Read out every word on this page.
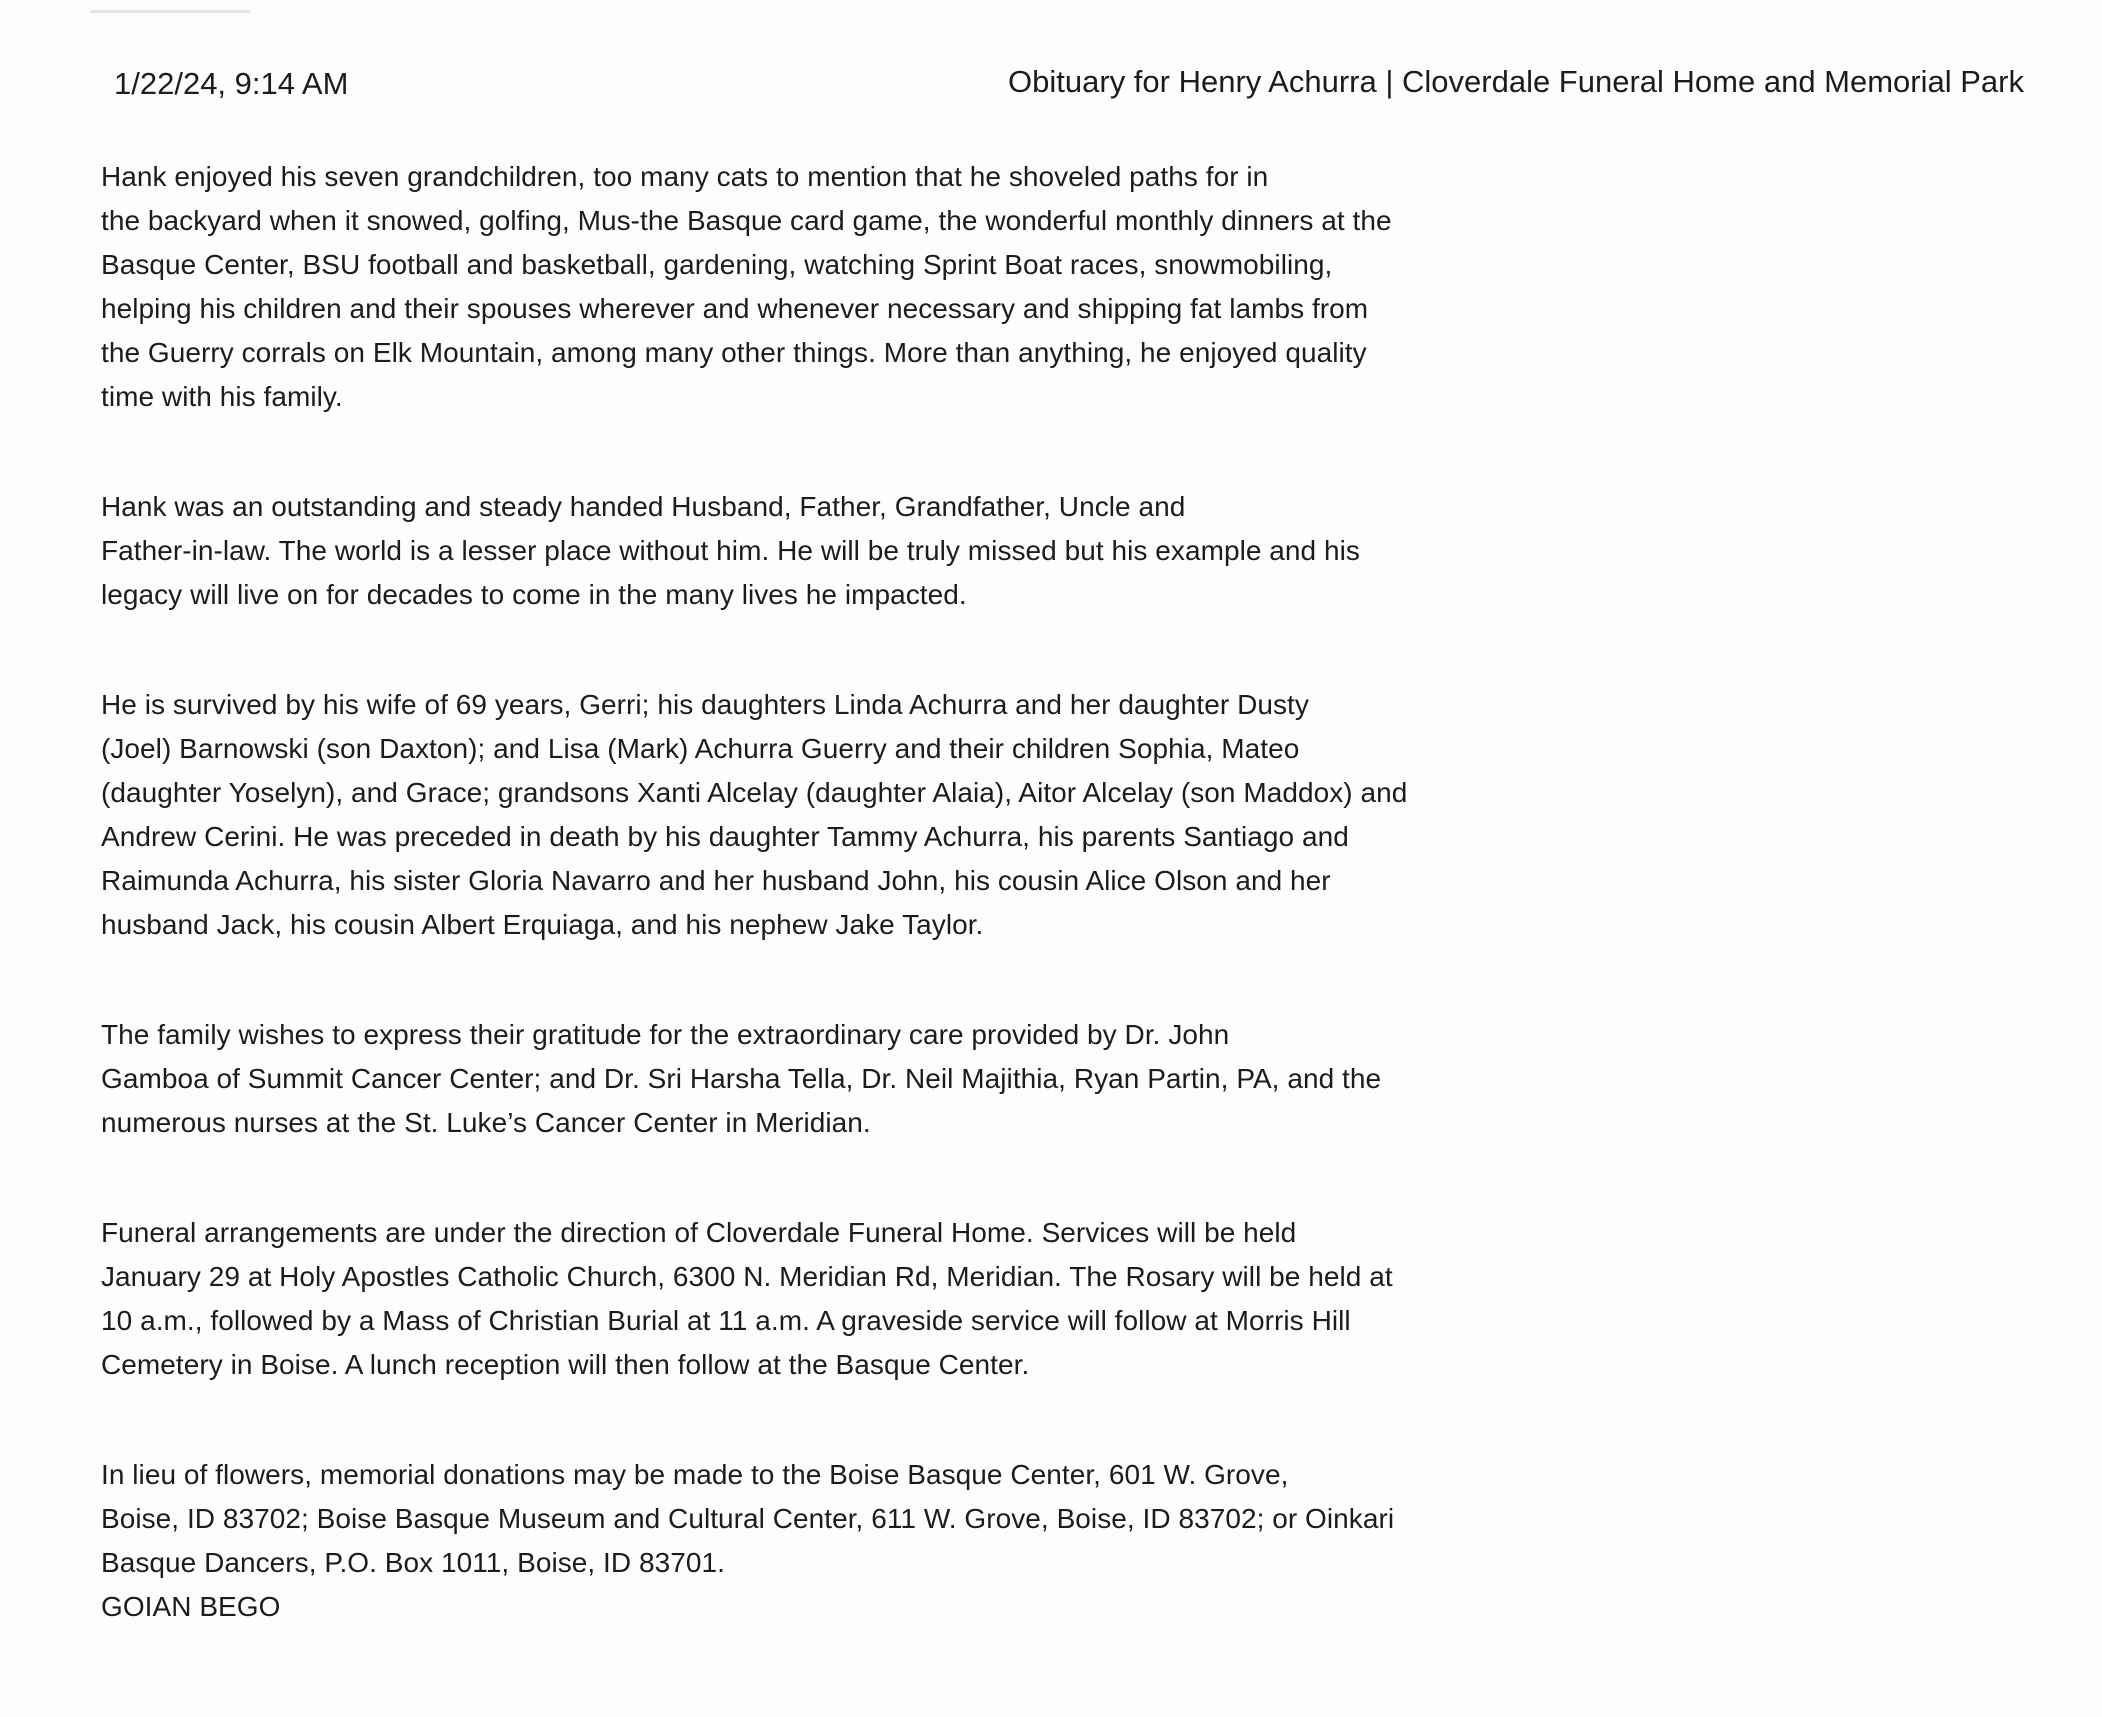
1/22/24, 9:14 AM	Obituary for Henry Achurra | Cloverdale Funeral Home and Memorial Park

Hank enjoyed his seven grandchildren, too many cats to mention that he shoveled paths for in
the backyard when it snowed, golfing, Mus-the Basque card game, the wonderful monthly dinners at the
Basque Center, BSU football and basketball, gardening, watching Sprint Boat races, snowmobiling,
helping his children and their spouses wherever and whenever necessary and shipping fat lambs from
the Guerry corrals on Elk Mountain, among many other things. More than anything, he enjoyed quality
time with his family.

Hank was an outstanding and steady handed Husband, Father, Grandfather, Uncle and
Father-in-law. The world is a lesser place without him. He will be truly missed but his example and his
legacy will live on for decades to come in the many lives he impacted.

He is survived by his wife of 69 years, Gerri; his daughters Linda Achurra and her daughter Dusty
(Joel) Barnowski (son Daxton); and Lisa (Mark) Achurra Guerry and their children Sophia, Mateo
(daughter Yoselyn), and Grace; grandsons Xanti Alcelay (daughter Alaia), Aitor Alcelay (son Maddox) and
Andrew Cerini. He was preceded in death by his daughter Tammy Achurra, his parents Santiago and
Raimunda Achurra, his sister Gloria Navarro and her husband John, his cousin Alice Olson and her
husband Jack, his cousin Albert Erquiaga, and his nephew Jake Taylor.

The family wishes to express their gratitude for the extraordinary care provided by Dr. John
Gamboa of Summit Cancer Center; and Dr. Sri Harsha Tella, Dr. Neil Majithia, Ryan Partin, PA, and the
numerous nurses at the St. Luke’s Cancer Center in Meridian.

Funeral arrangements are under the direction of Cloverdale Funeral Home. Services will be held
January 29 at Holy Apostles Catholic Church, 6300 N. Meridian Rd, Meridian. The Rosary will be held at
10 a.m., followed by a Mass of Christian Burial at 11 a.m. A graveside service will follow at Morris Hill
Cemetery in Boise. A lunch reception will then follow at the Basque Center.

In lieu of flowers, memorial donations may be made to the Boise Basque Center, 601 W. Grove,
Boise, ID 83702; Boise Basque Museum and Cultural Center, 611 W. Grove, Boise, ID 83702; or Oinkari
Basque Dancers, P.O. Box 1011, Boise, ID 83701.
GOIAN BEGO
